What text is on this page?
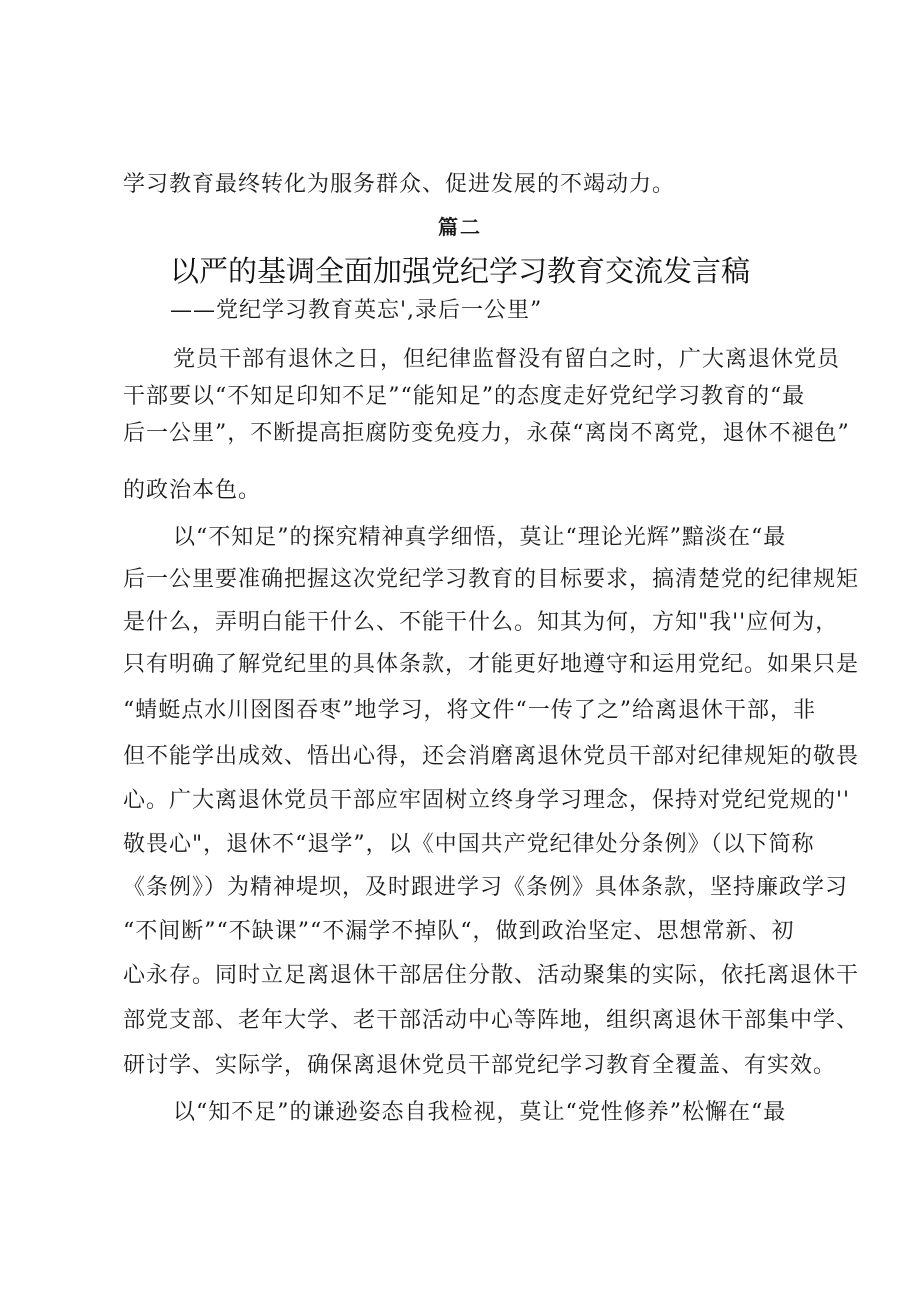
学习教育最终转化为服务群众、促进发展的不竭动力。
篇二
以严的基调全面加强党纪学习教育交流发言稿
——党纪学习教育英忘',录后一公里”
党员干部有退休之日，但纪律监督没有留白之时，广大离退休党员
干部要以“不知足印知不足”“能知足”的态度走好党纪学习教育的“最
后一公里”，不断提高拒腐防变免疫力，永葆“离岗不离党，退休不褪色”
的政治本色。
以“不知足”的探究精神真学细悟，莫让“理论光辉”黯淡在“最
后一公里要准确把握这次党纪学习教育的目标要求，搞清楚党的纪律规矩
是什么，弄明白能干什么、不能干什么。知其为何，方知"我''应何为，
只有明确了解党纪里的具体条款，才能更好地遵守和运用党纪。如果只是
“蜻蜓点水川囹图吞枣”地学习，将文件“一传了之”给离退休干部，非
但不能学出成效、悟出心得，还会消磨离退休党员干部对纪律规矩的敬畏
心。广大离退休党员干部应牢固树立终身学习理念，保持对党纪党规的''
敬畏心"，退休不“退学”，以《中国共产党纪律处分条例》（以下简称
《条例》）为精神堤坝，及时跟进学习《条例》具体条款，坚持廉政学习
“不间断”“不缺课”“不漏学不掉队“，做到政治坚定、思想常新、初
心永存。同时立足离退休干部居住分散、活动聚集的实际，依托离退休干
部党支部、老年大学、老干部活动中心等阵地，组织离退休干部集中学、
研讨学、实际学，确保离退休党员干部党纪学习教育全覆盖、有实效。
以“知不足”的谦逊姿态自我检视，莫让“党性修养”松懈在“最
